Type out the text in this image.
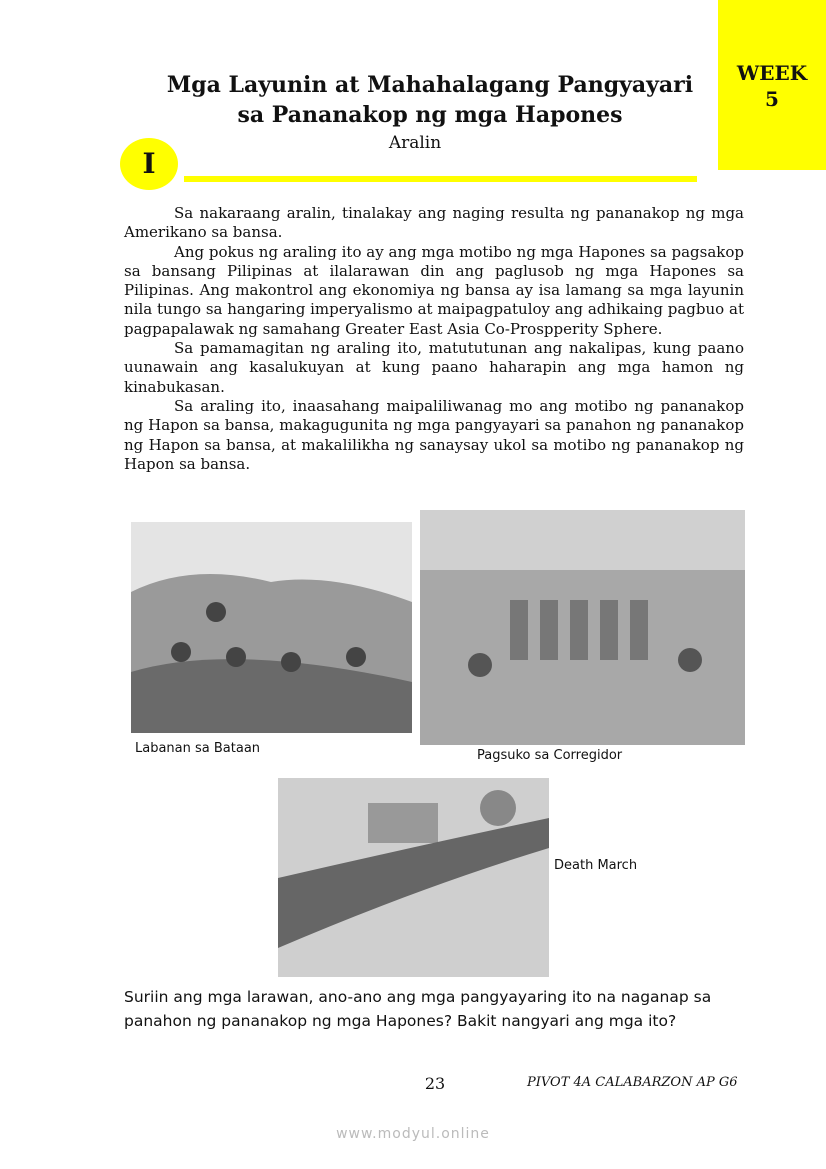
WEEK
5
Mga Layunin at Mahahalagang Pangyayari
sa Pananakop ng mga Hapones
Aralin
I

Sa nakaraang aralin, tinalakay ang naging resulta ng pananakop ng mga Amerikano sa bansa.

Ang pokus ng araling ito ay ang mga motibo ng mga Hapones sa pagsakop sa bansang Pilipinas at ilalarawan din ang paglusob ng mga Hapones sa Pilipinas. Ang makontrol ang ekonomiya ng bansa ay isa lamang sa mga layunin nila tungo sa hangaring imperyalismo at maipagpatuloy ang adhikaing pagbuo at pagpapalawak ng samahang Greater East Asia Co-Prospperity Sphere.

Sa pamamagitan ng araling ito, matututunan ang nakalipas, kung paano uunawain ang kasalukuyan at kung paano haharapin ang mga hamon ng kinabukasan.

Sa araling ito, inaasahang maipaliliwanag mo ang motibo ng pananakop ng Hapon sa bansa, makagugunita ng mga pangyayari sa panahon ng pananakop ng Hapon sa bansa, at makalilikha ng sanaysay ukol sa motibo ng pananakop ng Hapon sa bansa.

Labanan sa Bataan	Pagsuko sa Corregidor
Death March
Suriin ang mga larawan, ano-ano ang mga pangyayaring ito na naganap sa panahon ng pananakop ng mga Hapones? Bakit nangyari ang mga ito?
23	PIVOT 4A CALABARZON AP G6
www.modyul.online
